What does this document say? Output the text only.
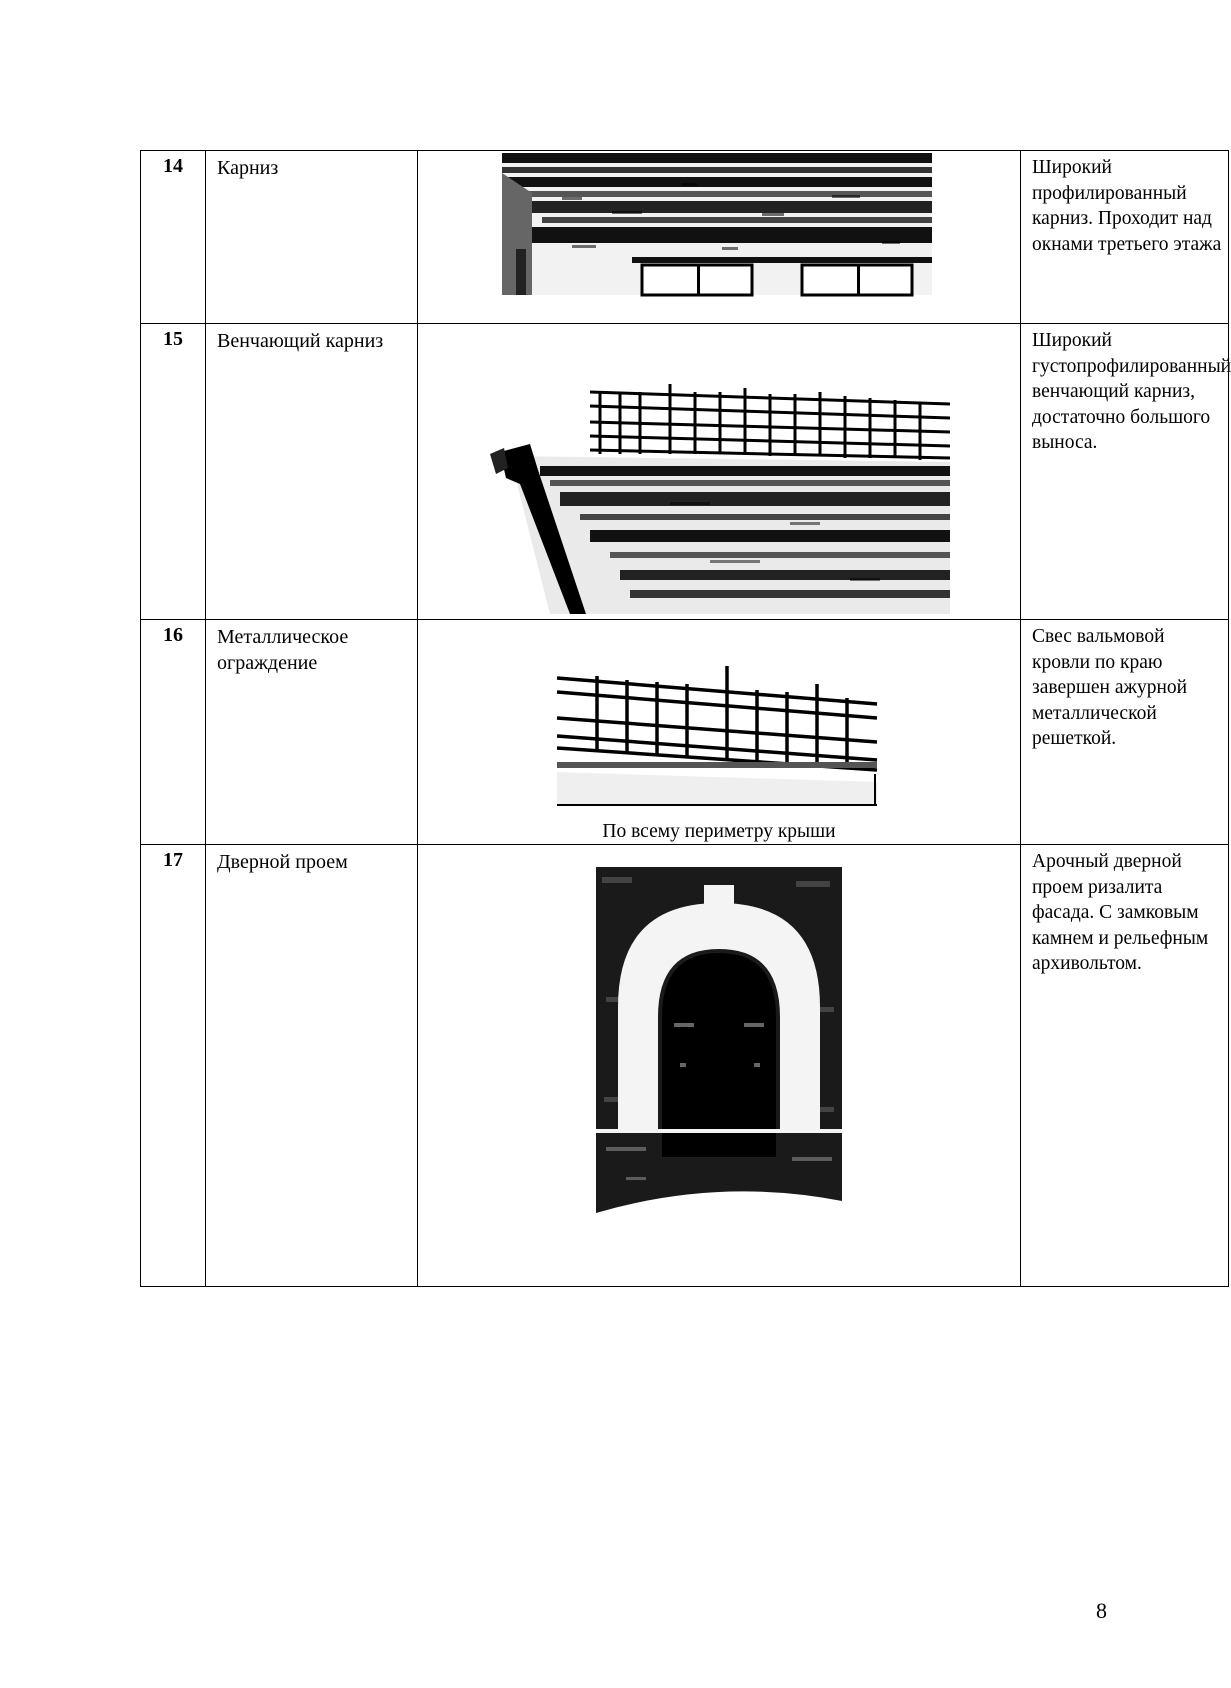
14	Карниз		Широкий профилированный карниз. Проходит над окнами третьего этажа
15	Венчающий карниз		Широкий густопрофилированный венчающий карниз, достаточно большого выноса.
16	Металлическое ограждение	По всему периметру крыши	Свес вальмовой кровли по краю завершен ажурной металлической решеткой.
17	Дверной проем		Арочный дверной проем ризалита фасада. С замковым камнем и рельефным архивольтом.
8
